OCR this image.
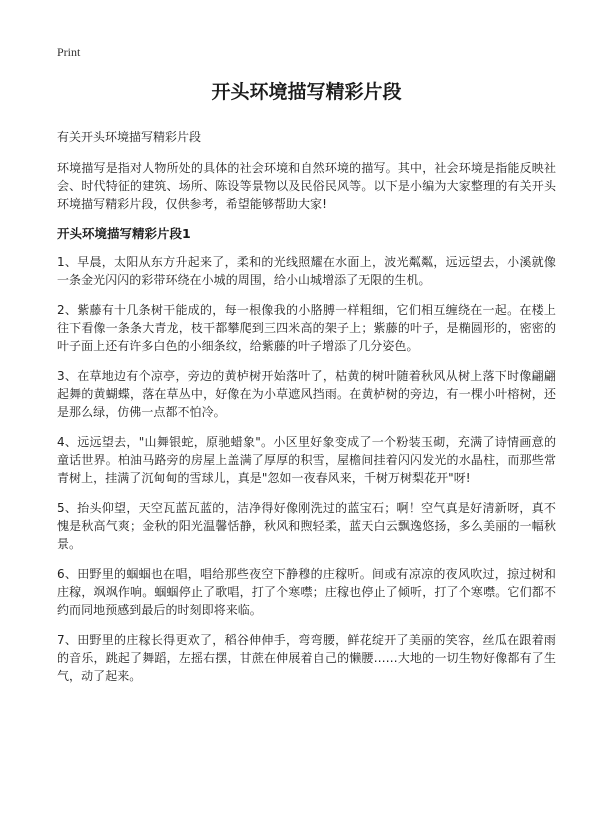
Print
开头环境描写精彩片段
有关开头环境描写精彩片段

环境描写是指对人物所处的具体的社会环境和自然环境的描写。其中，社会环境是指能反映社会、时代特征的建筑、场所、陈设等景物以及民俗民风等。以下是小编为大家整理的有关开头环境描写精彩片段，仅供参考，希望能够帮助大家!

开头环境描写精彩片段1

1、早晨，太阳从东方升起来了，柔和的光线照耀在水面上，波光粼粼，远远望去，小溪就像一条金光闪闪的彩带环绕在小城的周围，给小山城增添了无限的生机。

2、紫藤有十几条树干能成的，每一根像我的小胳膊一样粗细，它们相互缠绕在一起。在楼上往下看像一条条大青龙，枝干都攀爬到三四米高的架子上；紫藤的叶子，是椭圆形的，密密的叶子面上还有许多白色的小细条纹，给紫藤的叶子增添了几分姿色。

3、在草地边有个凉亭，旁边的黄栌树开始落叶了，枯黄的树叶随着秋风从树上落下时像翩翩起舞的黄蝴蝶，落在草丛中，好像在为小草遮风挡雨。在黄栌树的旁边，有一棵小叶榕树，还是那么绿，仿佛一点都不怕冷。

4、远远望去，"山舞银蛇，原驰蜡象"。小区里好象变成了一个粉装玉砌，充满了诗情画意的童话世界。柏油马路旁的房屋上盖满了厚厚的积雪，屋檐间挂着闪闪发光的水晶柱，而那些常青树上，挂满了沉甸甸的雪球儿，真是"忽如一夜春风来，千树万树梨花开"呀!

5、抬头仰望，天空瓦蓝瓦蓝的，洁净得好像刚洗过的蓝宝石；啊！空气真是好清新呀，真不愧是秋高气爽；金秋的阳光温馨恬静，秋风和煦轻柔，蓝天白云飘逸悠扬，多么美丽的一幅秋景。

6、田野里的蝈蝈也在唱，唱给那些夜空下静穆的庄稼听。间或有凉凉的夜风吹过，掠过树和庄稼，飒飒作响。蝈蝈停止了歌唱，打了个寒噤；庄稼也停止了倾听，打了个寒噤。它们都不约而同地预感到最后的时刻即将来临。

7、田野里的庄稼长得更欢了，稻谷伸伸手，弯弯腰，鲜花绽开了美丽的笑容，丝瓜在跟着雨的音乐，跳起了舞蹈，左摇右摆，甘蔗在伸展着自己的懒腰……大地的一切生物好像都有了生气，动了起来。
